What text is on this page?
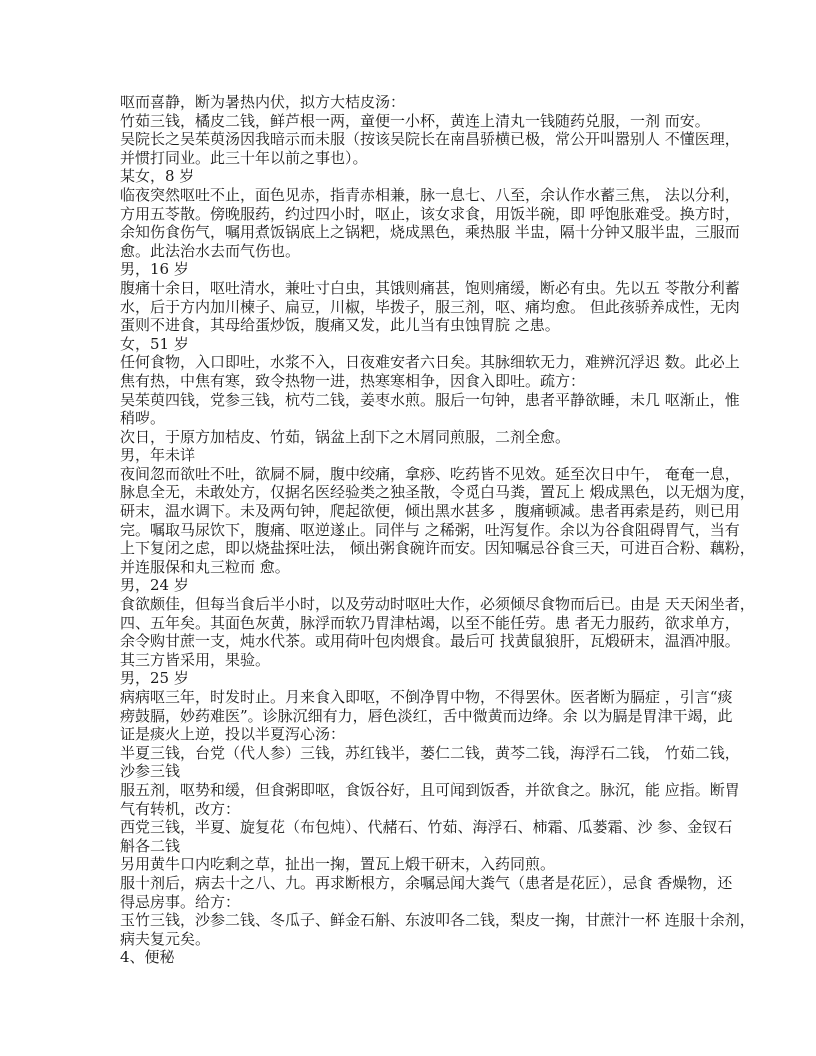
呕而喜静，断为暑热内伏，拟方大桔皮汤：
竹茹三钱，橘皮二钱，鲜芦根一两，童便一小杯，黄连上清丸一钱随药兑服，一剂 而安。
吴院长之吴茱萸汤因我暗示而未服（按该吴院长在南昌骄横已极，常公开叫嚣别人 不懂医理，
并惯打同业。此三十年以前之事也）。
某女，8 岁
临夜突然呕吐不止，面色见赤，指青赤相兼，脉一息七、八至，余认作水蓄三焦， 法以分利，
方用五苓散。傍晚服药，约过四小时，呕止，该女求食，用饭半碗，即 呼饱胀难受。换方时，
余知伤食伤气，嘱用煮饭锅底上之锅粑，烧成黑色，乘热服 半盅，隔十分钟又服半盅，三服而
愈。此法治水去而气伤也。
男，16 岁
腹痛十余日，呕吐清水，兼吐寸白虫，其饿则痛甚，饱则痛缓，断必有虫。先以五 苓散分利蓄
水，后于方内加川楝子、扁豆，川椒，毕拨子，服三剂，呕、痛均愈。 但此孩骄养成性，无肉
蛋则不进食，其母给蛋炒饭，腹痛又发，此儿当有虫蚀胃脘 之患。
女，51 岁
任何食物，入口即吐，水浆不入，日夜难安者六日矣。其脉细软无力，难辨沉浮迟 数。此必上
焦有热，中焦有寒，致令热物一进，热寒寒相争，因食入即吐。疏方：
吴茱萸四钱，党参三钱，杭芍二钱，姜枣水煎。服后一句钟，患者平静欲睡，未几 呕渐止，惟
稍哕。
次日，于原方加桔皮、竹茹，锅盆上刮下之木屑同煎服，二剂全愈。
男，年未详
夜间忽而欲吐不吐，欲屙不屙，腹中绞痛，拿痧、吃药皆不见效。延至次日中午， 奄奄一息，
脉息全无，未敢处方，仅据名医经验类之独圣散，令觅白马粪，置瓦上 煅成黑色，以无烟为度，
研末，温水调下。未及两句钟，爬起欲便，倾出黑水甚多 ，腹痛顿减。患者再索是药，则已用
完。嘱取马尿饮下，腹痛、呕逆遂止。同伴与 之稀粥，吐泻复作。余以为谷食阻碍胃气，当有
上下复闭之虑，即以烧盐探吐法， 倾出粥食碗许而安。因知嘱忌谷食三天，可进百合粉、藕粉，
并连服保和丸三粒而 愈。
男，24 岁
食欲颇佳，但每当食后半小时，以及劳动时呕吐大作，必须倾尽食物而后已。由是 天天闲坐者，
四、五年矣。其面色灰黄，脉浮而软乃胃津枯竭，以至不能任劳。患 者无力服药，欲求单方，
余令购甘蔗一支，炖水代茶。或用荷叶包肉煨食。最后可 找黄鼠狼肝，瓦煅研末，温酒冲服。
其三方皆采用，果验。
男，25 岁
病病呕三年，时发时止。月来食入即呕，不倒净胃中物，不得罢休。医者断为膈症 ，引言“痰
痨鼓膈，妙药难医”。诊脉沉细有力，唇色淡红，舌中微黄而边绛。余 以为膈是胃津干竭，此
证是痰火上逆，投以半夏泻心汤：
半夏三钱，台党（代人参）三钱，苏红钱半，蒌仁二钱，黄芩二钱，海浮石二钱， 竹茹二钱，
沙参三钱
服五剂，呕势和缓，但食粥即呕，食饭谷好，且可闻到饭香，并欲食之。脉沉，能 应指。断胃
气有转机，改方：
西党三钱，半夏、旋复花（布包炖）、代赭石、竹茹、海浮石、柿霜、瓜蒌霜、沙 参、金钗石
斛各二钱
另用黄牛口内吃剩之草，扯出一掬，置瓦上煅干研末，入药同煎。
服十剂后，病去十之八、九。再求断根方，余嘱忌闻大粪气（患者是花匠），忌食 香燥物，还
得忌房事。给方：
玉竹三钱，沙参二钱、冬瓜子、鲜金石斛、东波叩各二钱，梨皮一掬，甘蔗汁一杯 连服十余剂，
病夫复元矣。
4、便秘
